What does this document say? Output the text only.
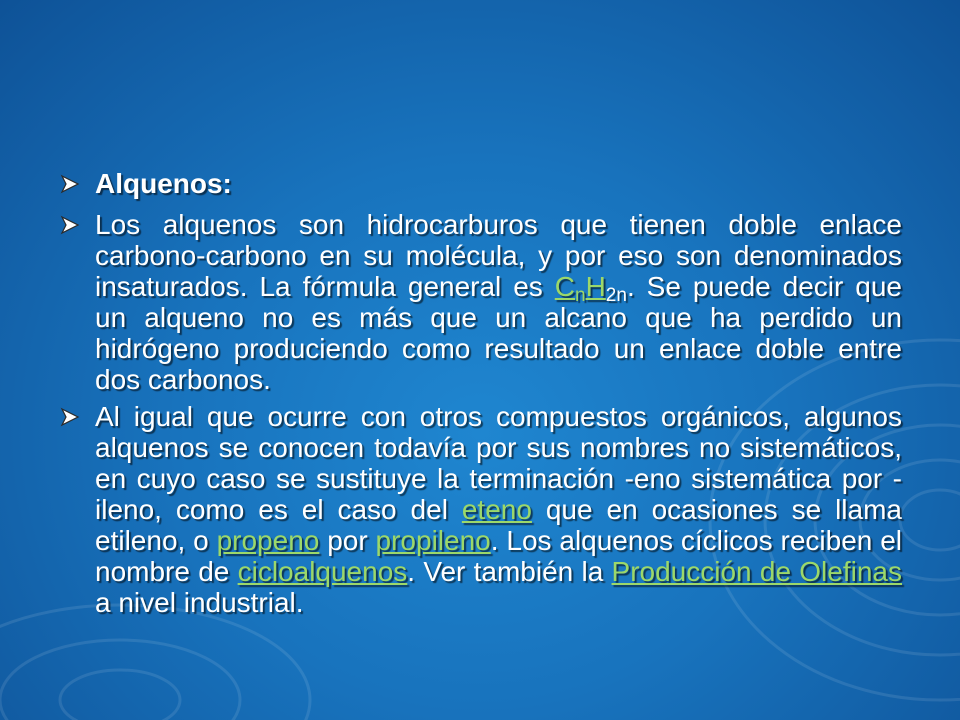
Alquenos:
Los alquenos son hidrocarburos que tienen doble enlace carbono-carbono en su molécula, y por eso son denominados insaturados. La fórmula general es $C_nH_{2n}$. Se puede decir que un alqueno no es más que un alcano que ha perdido un hidrógeno produciendo como resultado un enlace doble entre dos carbonos.
Al igual que ocurre con otros compuestos orgánicos, algunos alquenos se conocen todavía por sus nombres no sistemáticos, en cuyo caso se sustituye la terminación -eno sistemática por -ileno, como es el caso del eteno que en ocasiones se llama etileno, o propeno por propileno. Los alquenos cíclicos reciben el nombre de cicloalquenos. Ver también la Producción de Olefinas a nivel industrial.
